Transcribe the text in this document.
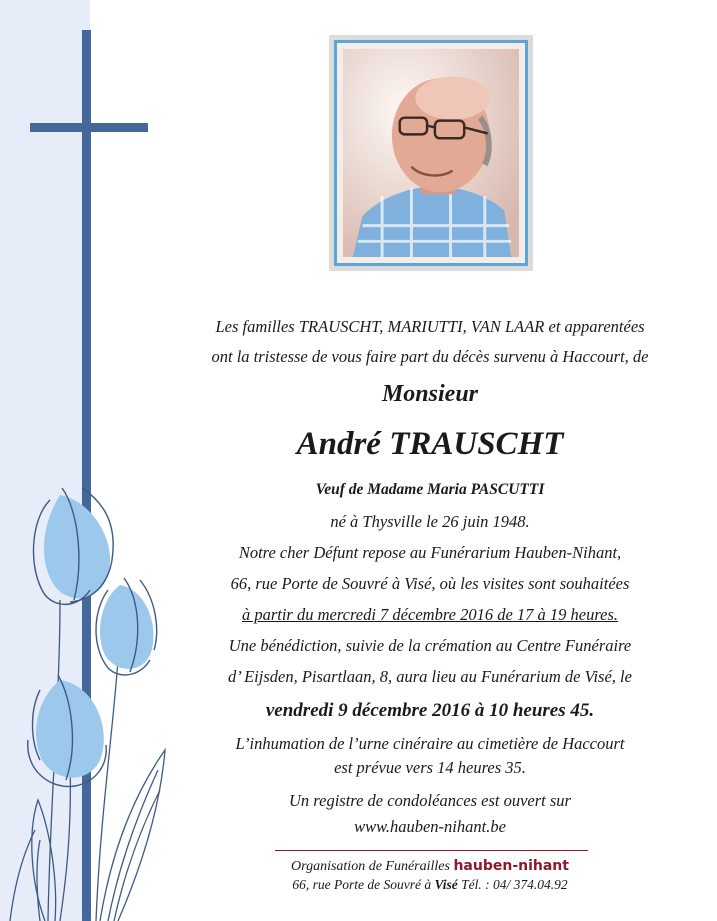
Les familles TRAUSCHT, MARIUTTI, VAN LAAR et apparentées
ont la tristesse de vous faire part du décès survenu à Haccourt, de
Monsieur
André TRAUSCHT
Veuf de Madame Maria PASCUTTI
né à Thysville le 26 juin 1948.
Notre cher Défunt repose au Funérarium Hauben-Nihant,
66, rue Porte de Souvré à Visé, où les visites sont souhaitées
à partir du mercredi 7 décembre 2016 de 17 à 19 heures.
Une bénédiction, suivie de la crémation au Centre Funéraire
d’ Eijsden, Pisartlaan, 8, aura lieu au Funérarium de Visé, le
vendredi 9 décembre 2016 à 10 heures 45.
L’inhumation de l’urne cinéraire au cimetière de Haccourt
est prévue vers 14 heures 35.
Un registre de condoléances est ouvert sur
www.hauben-nihant.be
Organisation de Funérailles hauben-nihant
66, rue Porte de Souvré à Visé Tél. : 04/ 374.04.92
